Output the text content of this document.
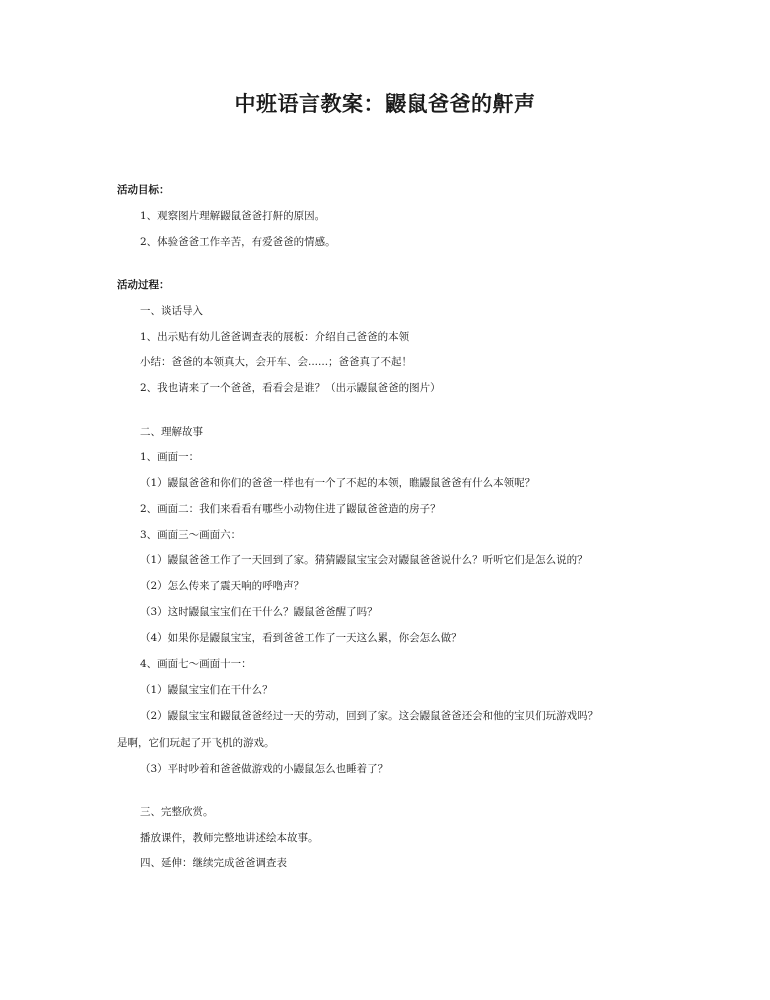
中班语言教案：鼹鼠爸爸的鼾声
活动目标：
1、观察图片理解鼹鼠爸爸打鼾的原因。
2、体验爸爸工作辛苦，有爱爸爸的情感。
活动过程：
一、谈话导入
1、出示贴有幼儿爸爸调查表的展板：介绍自己爸爸的本领
小结：爸爸的本领真大，会开车、会......；爸爸真了不起！
2、我也请来了一个爸爸，看看会是谁？（出示鼹鼠爸爸的图片）
二、理解故事
1、画面一：
（1）鼹鼠爸爸和你们的爸爸一样也有一个了不起的本领，瞧鼹鼠爸爸有什么本领呢？
2、画面二：我们来看看有哪些小动物住进了鼹鼠爸爸造的房子？
3、画面三～画面六：
（1）鼹鼠爸爸工作了一天回到了家。猜猜鼹鼠宝宝会对鼹鼠爸爸说什么？听听它们是怎么说的？
（2）怎么传来了震天响的呼噜声？
（3）这时鼹鼠宝宝们在干什么？鼹鼠爸爸醒了吗？
（4）如果你是鼹鼠宝宝，看到爸爸工作了一天这么累，你会怎么做？
4、画面七～画面十一：
（1）鼹鼠宝宝们在干什么？
（2）鼹鼠宝宝和鼹鼠爸爸经过一天的劳动，回到了家。这会鼹鼠爸爸还会和他的宝贝们玩游戏吗？
是啊，它们玩起了开飞机的游戏。
（3）平时吵着和爸爸做游戏的小鼹鼠怎么也睡着了？
三、完整欣赏。
播放课件，教师完整地讲述绘本故事。
四、延伸：继续完成爸爸调查表
